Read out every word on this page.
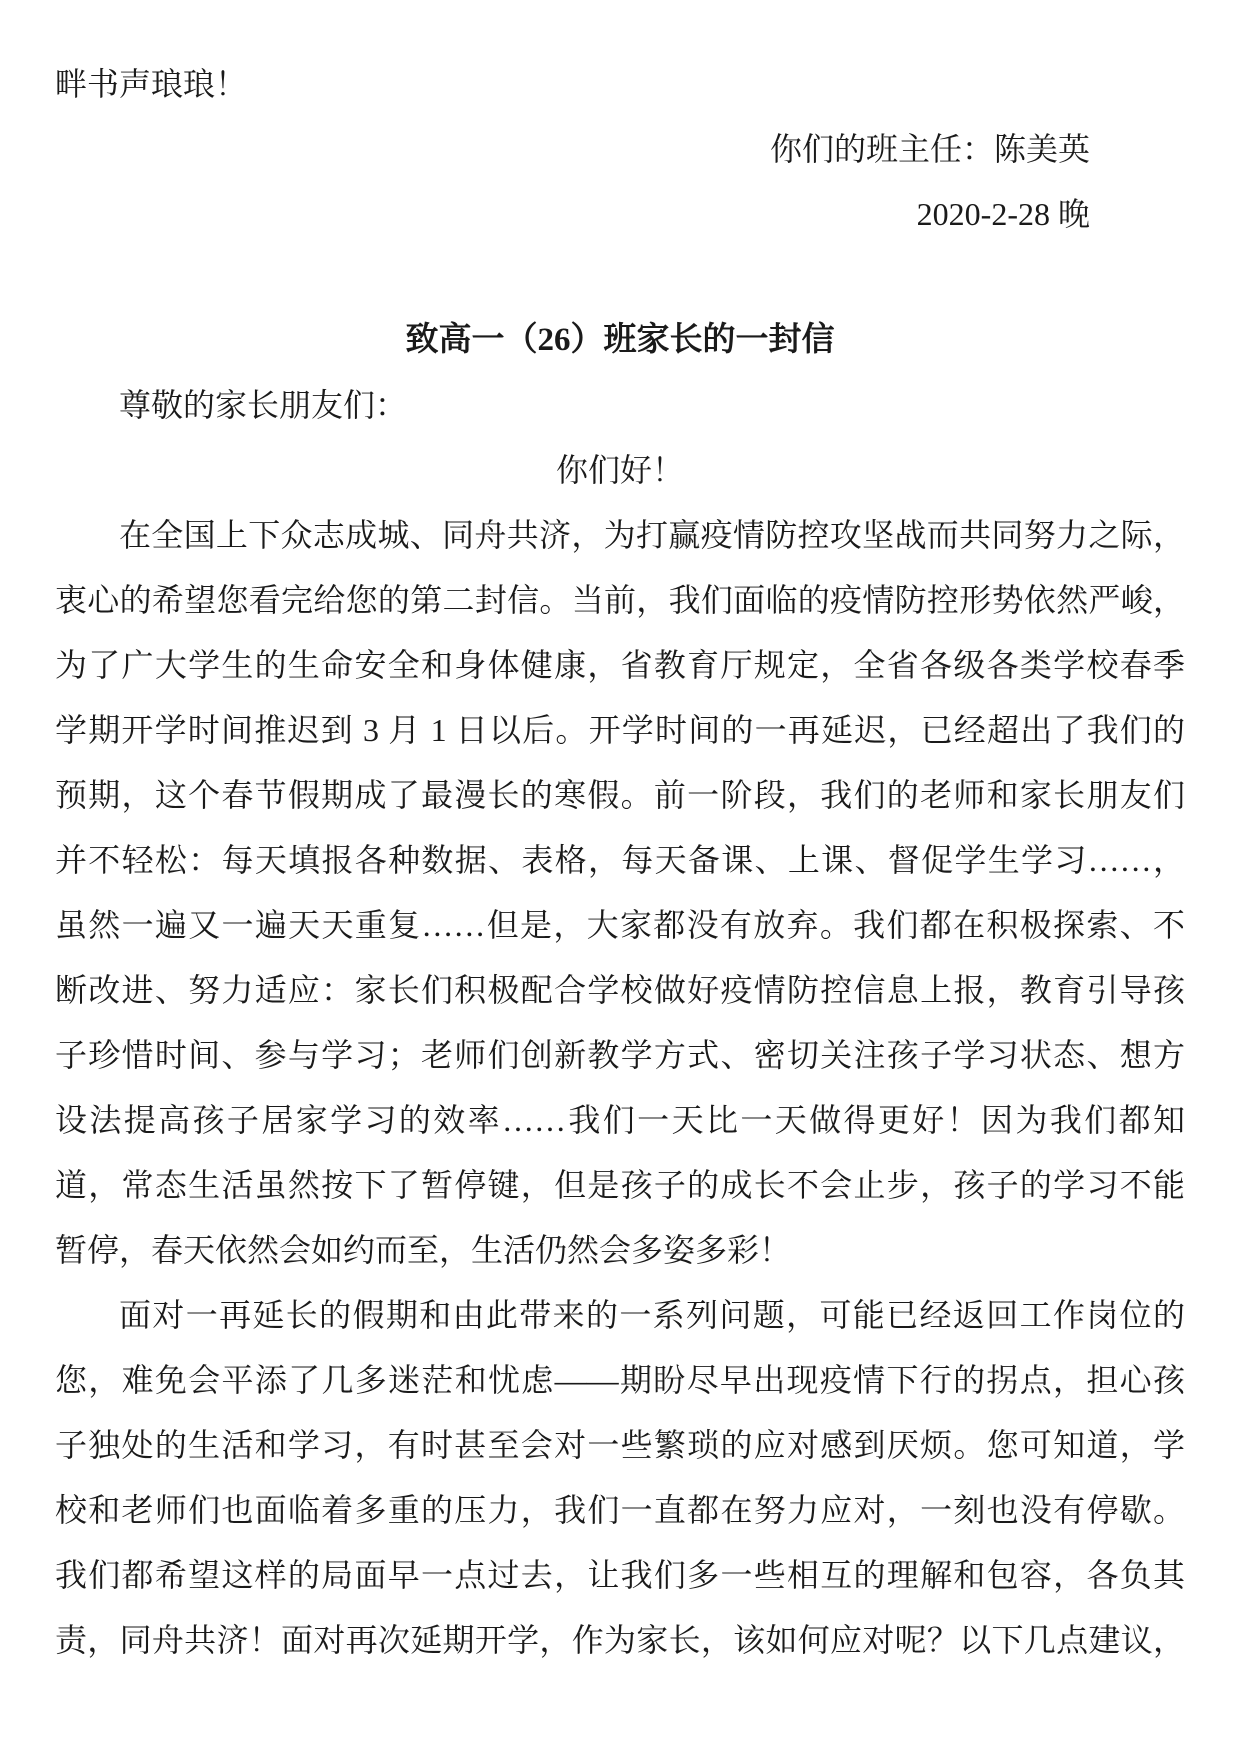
畔书声琅琅！
你们的班主任：陈美英
2020-2-28 晚
致高一（26）班家长的一封信
尊敬的家长朋友们：
你们好！
在全国上下众志成城、同舟共济，为打赢疫情防控攻坚战而共同努力之际，
衷心的希望您看完给您的第二封信。当前，我们面临的疫情防控形势依然严峻，
为了广大学生的生命安全和身体健康，省教育厅规定，全省各级各类学校春季
学期开学时间推迟到 3 月 1 日以后。开学时间的一再延迟，已经超出了我们的
预期，这个春节假期成了最漫长的寒假。前一阶段，我们的老师和家长朋友们
并不轻松：每天填报各种数据、表格，每天备课、上课、督促学生学习……，
虽然一遍又一遍天天重复……但是，大家都没有放弃。我们都在积极探索、不
断改进、努力适应：家长们积极配合学校做好疫情防控信息上报，教育引导孩
子珍惜时间、参与学习；老师们创新教学方式、密切关注孩子学习状态、想方
设法提高孩子居家学习的效率……我们一天比一天做得更好！因为我们都知
道，常态生活虽然按下了暂停键，但是孩子的成长不会止步，孩子的学习不能
暂停，春天依然会如约而至，生活仍然会多姿多彩！
面对一再延长的假期和由此带来的一系列问题，可能已经返回工作岗位的
您，难免会平添了几多迷茫和忧虑——期盼尽早出现疫情下行的拐点，担心孩
子独处的生活和学习，有时甚至会对一些繁琐的应对感到厌烦。您可知道，学
校和老师们也面临着多重的压力，我们一直都在努力应对，一刻也没有停歇。
我们都希望这样的局面早一点过去，让我们多一些相互的理解和包容，各负其
责，同舟共济！面对再次延期开学，作为家长，该如何应对呢？以下几点建议，
